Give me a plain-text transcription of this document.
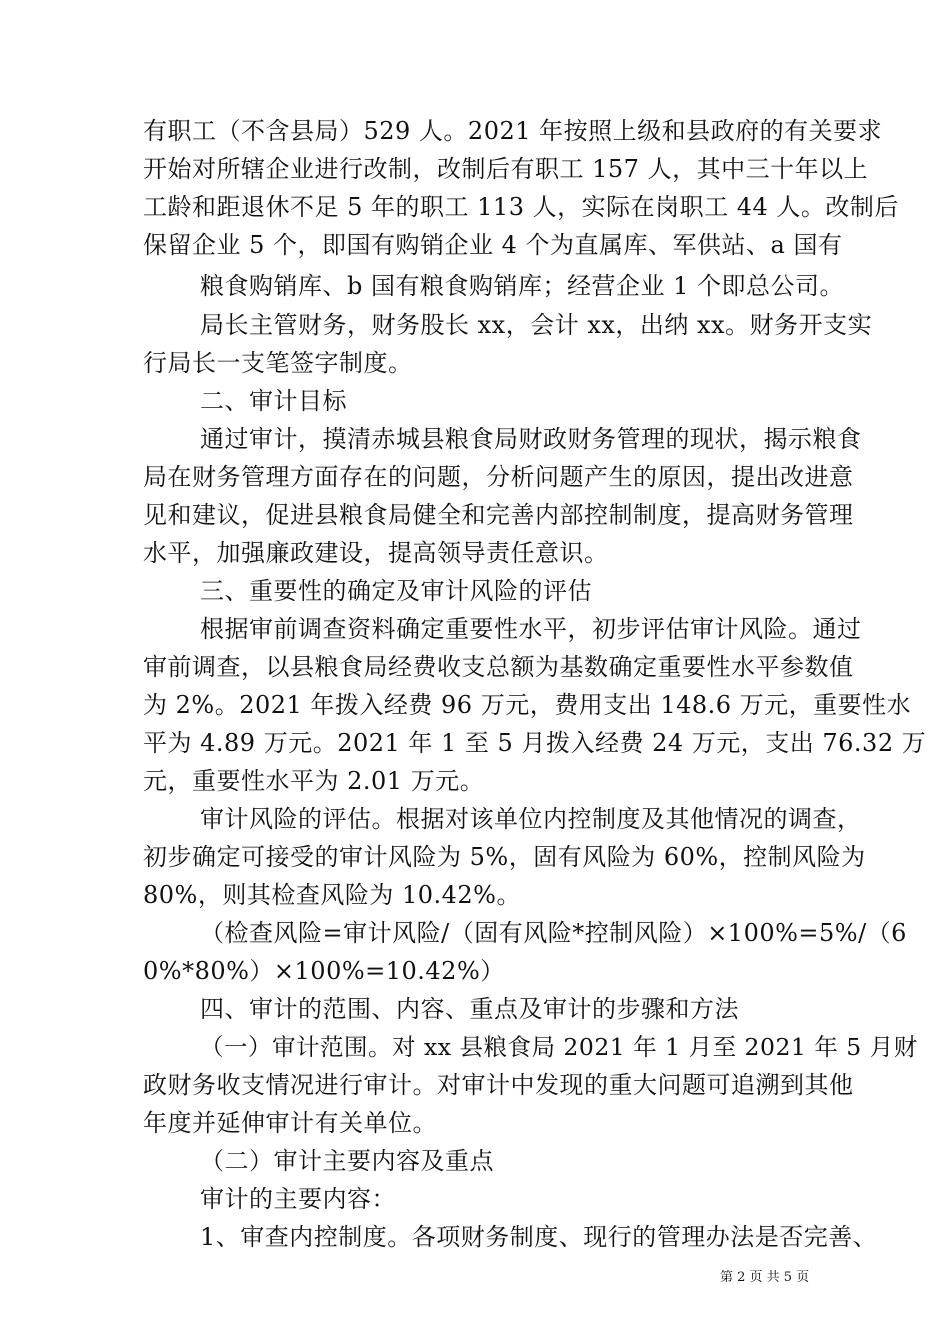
有职工（不含县局）529 人。2021 年按照上级和县政府的有关要求
开始对所辖企业进行改制，改制后有职工 157 人，其中三十年以上
工龄和距退休不足 5 年的职工 113 人，实际在岗职工 44 人。改制后
保留企业 5 个，即国有购销企业 4 个为直属库、军供站、a 国有
粮食购销库、b 国有粮食购销库；经营企业 1 个即总公司。
局长主管财务，财务股长 xx，会计 xx，出纳 xx。财务开支实
行局长一支笔签字制度。
二、审计目标
通过审计，摸清赤城县粮食局财政财务管理的现状，揭示粮食
局在财务管理方面存在的问题，分析问题产生的原因，提出改进意
见和建议，促进县粮食局健全和完善内部控制制度，提高财务管理
水平，加强廉政建设，提高领导责任意识。
三、重要性的确定及审计风险的评估
根据审前调查资料确定重要性水平，初步评估审计风险。通过
审前调查，以县粮食局经费收支总额为基数确定重要性水平参数值
为 2%。2021 年拨入经费 96 万元，费用支出 148.6 万元，重要性水
平为 4.89 万元。2021 年 1 至 5 月拨入经费 24 万元，支出 76.32 万
元，重要性水平为 2.01 万元。
审计风险的评估。根据对该单位内控制度及其他情况的调查，
初步确定可接受的审计风险为 5%，固有风险为 60%，控制风险为
80%，则其检查风险为 10.42%。
（检查风险=审计风险/（固有风险*控制风险）×100%=5%/（6
0%*80%）×100%=10.42%）
四、审计的范围、内容、重点及审计的步骤和方法
（一）审计范围。对 xx 县粮食局 2021 年 1 月至 2021 年 5 月财
政财务收支情况进行审计。对审计中发现的重大问题可追溯到其他
年度并延伸审计有关单位。
（二）审计主要内容及重点
审计的主要内容：
1、审查内控制度。各项财务制度、现行的管理办法是否完善、
第 2 页 共 5 页
